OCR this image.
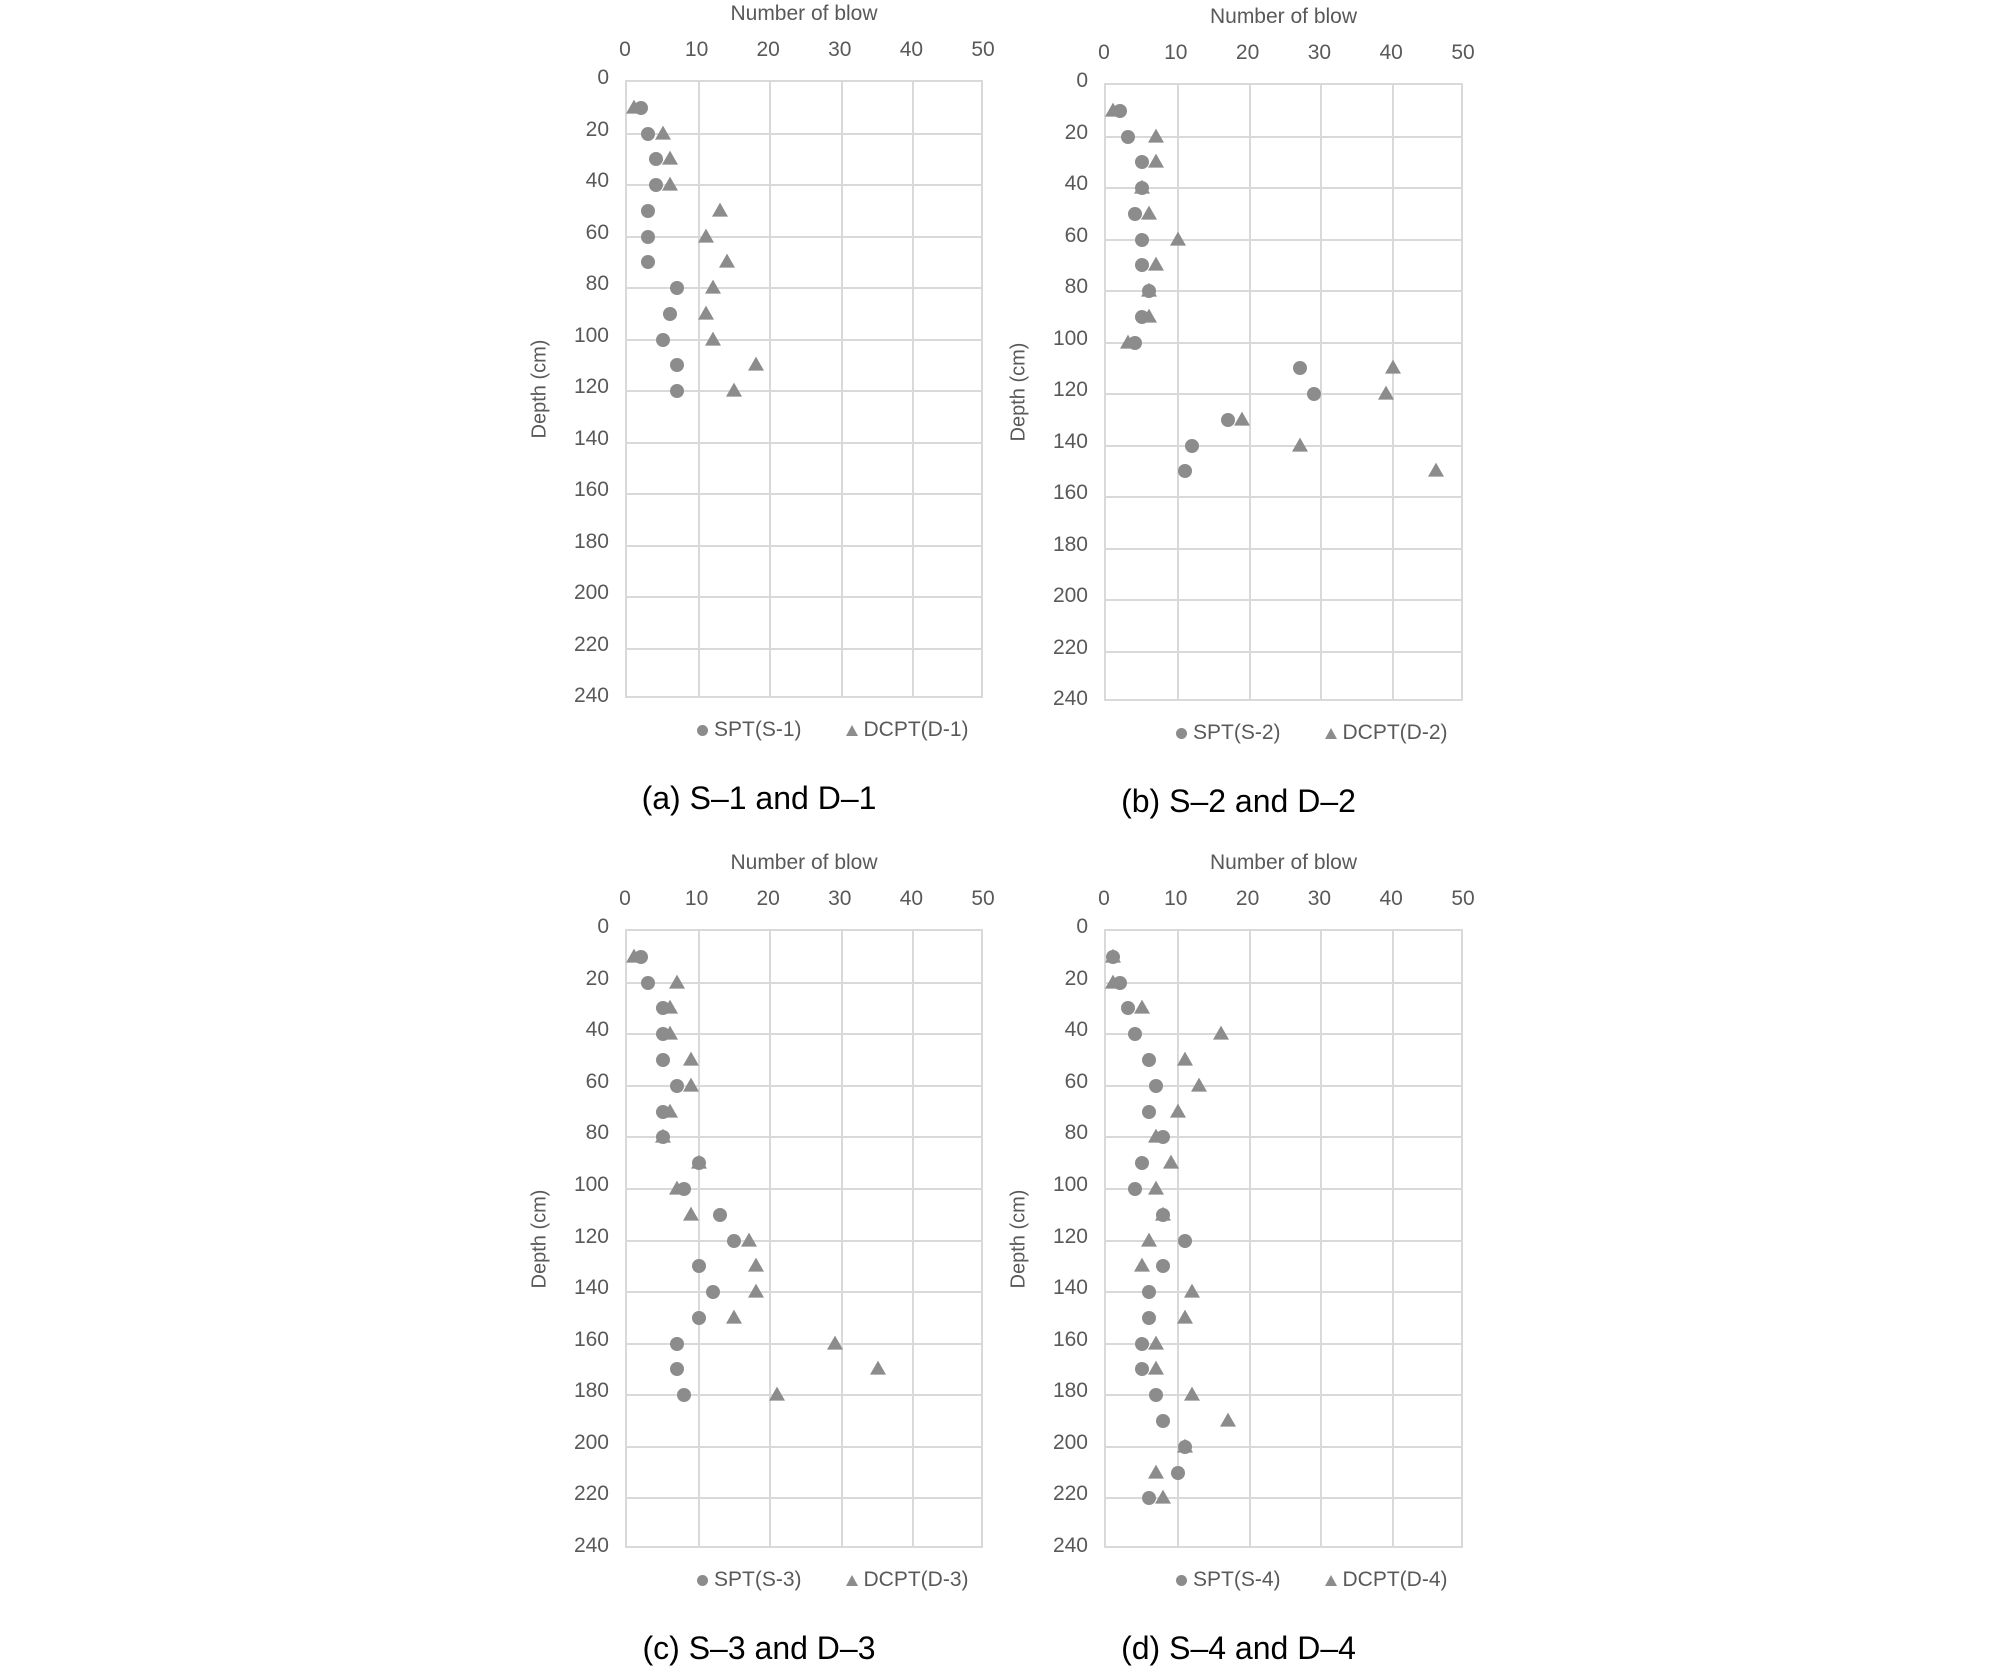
Number of blow
Depth (cm)
0	10 20 30 40 50
0
20
40
60
80
100
120
140
160
180
200
220
240
SPT(S-1)	DCPT(D-1)
(a) S–1 and D–1
Number of blow
Depth (cm)
0	10 20 30 40 50
0
20
40
60
80
100
120
140
160
180
200
220
240
SPT(S-2)	DCPT(D-2)
(b) S–2 and D–2
Number of blow
Depth (cm)
0	10 20 30 40 50
0
20
40
60
80
100
120
140
160
180
200
220
240
SPT(S-3)	DCPT(D-3)
(c) S–3 and D–3
Number of blow
Depth (cm)
0	10 20 30 40 50
0
20
40
60
80
100
120
140
160
180
200
220
240
SPT(S-4)	DCPT(D-4)
(d) S–4 and D–4
